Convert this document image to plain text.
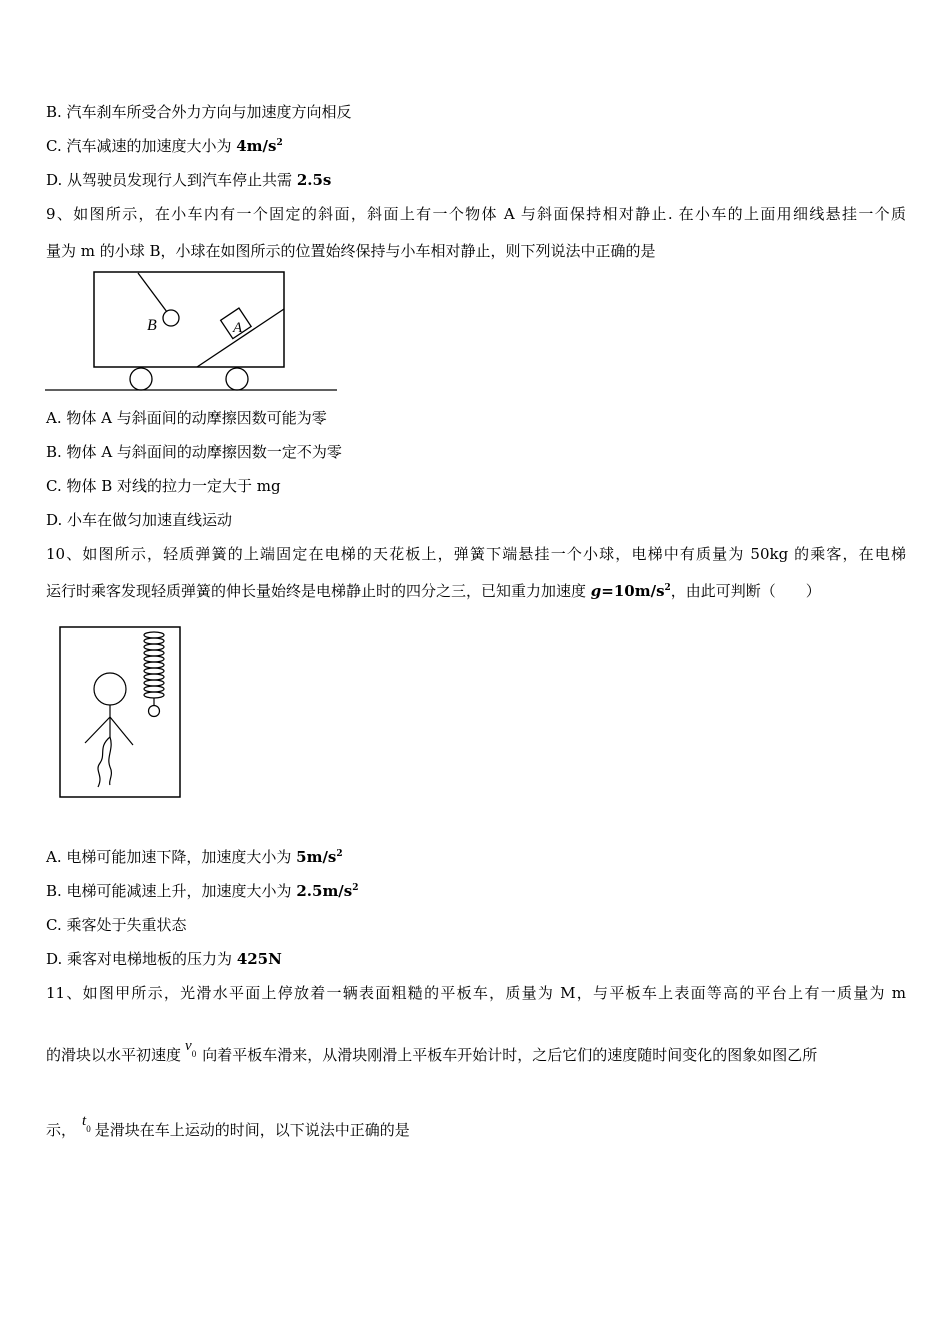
B. 汽车刹车所受合外力方向与加速度方向相反
C. 汽车减速的加速度大小为 $4m/s^2$
D. 从驾驶员发现行人到汽车停止共需 2.5s
9、如图所示，在小车内有一个固定的斜面，斜面上有一个物体 A 与斜面保持相对静止. 在小车的上面用细线悬挂一个质
量为 m 的小球 B，小球在如图所示的位置始终保持与小车相对静止，则下列说法中正确的是
B	A
A. 物体 A 与斜面间的动摩擦因数可能为零
B. 物体 A 与斜面间的动摩擦因数一定不为零
C. 物体 B 对线的拉力一定大于 mg
D. 小车在做匀加速直线运动
10、如图所示，轻质弹簧的上端固定在电梯的天花板上，弹簧下端悬挂一个小球，电梯中有质量为 50kg 的乘客，在电梯
运行时乘客发现轻质弹簧的伸长量始终是电梯静止时的四分之三，已知重力加速度 $g=10m/s^2$，由此可判断（　　）
A. 电梯可能加速下降，加速度大小为 $5m/s^2$
B. 电梯可能减速上升，加速度大小为 $2.5m/s^2$
C. 乘客处于失重状态
D. 乘客对电梯地板的压力为 425N
11、如图甲所示，光滑水平面上停放着一辆表面粗糙的平板车，质量为 M，与平板车上表面等高的平台上有一质量为 m
的滑块以水平初速度 $v_0$ 向着平板车滑来，从滑块刚滑上平板车开始计时，之后它们的速度随时间变化的图象如图乙所
示， $t_0$ 是滑块在车上运动的时间，以下说法中正确的是
